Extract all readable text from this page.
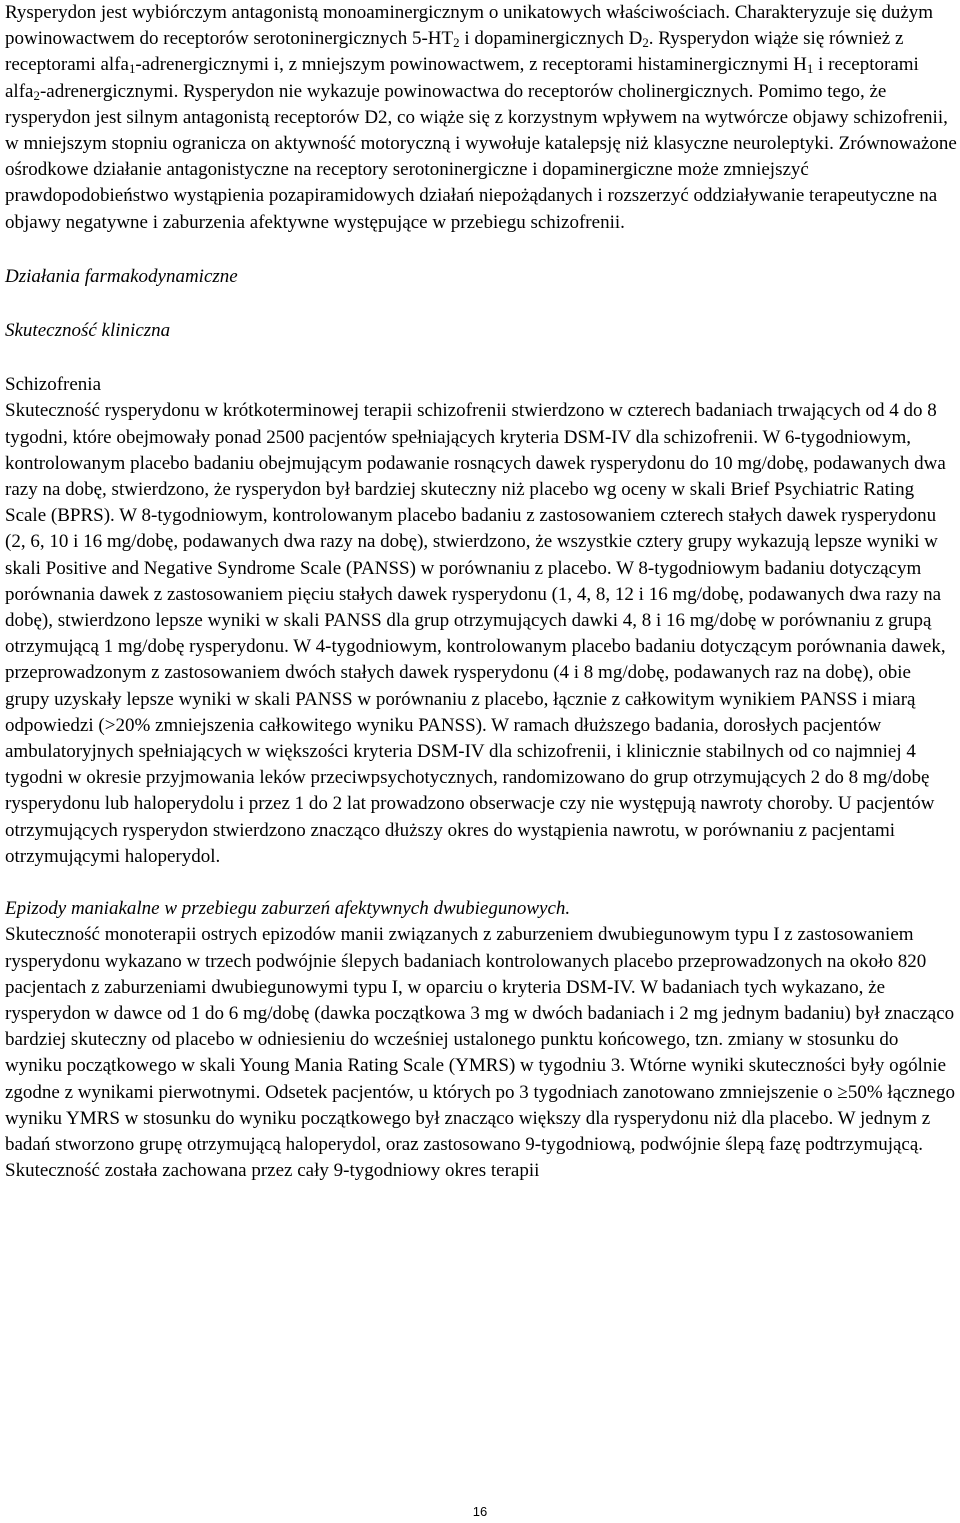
Rysperydon jest wybiórczym antagonistą monoaminergicznym o unikatowych właściwościach. Charakteryzuje się dużym powinowactwem do receptorów serotoninergicznych $5-HT_2$ i dopaminergicznych $D_2$. Rysperydon wiąże się również z receptorami alfa$_1$-adrenergicznymi i, z mniejszym powinowactwem, z receptorami histaminergicznymi $H_1$ i receptorami alfa$_2$-adrenergicznymi. Rysperydon nie wykazuje powinowactwa do receptorów cholinergicznych. Pomimo tego, że rysperydon jest silnym antagonistą receptorów D2, co wiąże się z korzystnym wpływem na wytwórcze objawy schizofrenii, w mniejszym stopniu ogranicza on aktywność motoryczną i wywołuje katalepsję niż klasyczne neuroleptyki. Zrównoważone ośrodkowe działanie antagonistyczne na receptory serotoninergiczne i dopaminergiczne może zmniejszyć prawdopodobieństwo wystąpienia pozapiramidowych działań niepożądanych i rozszerzyć oddziaływanie terapeutyczne na objawy negatywne i zaburzenia afektywne występujące w przebiegu schizofrenii.

Działania farmakodynamiczne

Skuteczność kliniczna

Schizofrenia

Skuteczność rysperydonu w krótkoterminowej terapii schizofrenii stwierdzono w czterech badaniach trwających od 4 do 8 tygodni, które obejmowały ponad 2500 pacjentów spełniających kryteria DSM-IV dla schizofrenii. W 6-tygodniowym, kontrolowanym placebo badaniu obejmującym podawanie rosnących dawek rysperydonu do 10 mg/dobę, podawanych dwa razy na dobę, stwierdzono, że rysperydon był bardziej skuteczny niż placebo wg oceny w skali Brief Psychiatric Rating Scale (BPRS). W 8-tygodniowym, kontrolowanym placebo badaniu z zastosowaniem czterech stałych dawek rysperydonu (2, 6, 10 i 16 mg/dobę, podawanych dwa razy na dobę), stwierdzono, że wszystkie cztery grupy wykazują lepsze wyniki w skali Positive and Negative Syndrome Scale (PANSS) w porównaniu z placebo. W 8-tygodniowym badaniu dotyczącym porównania dawek z zastosowaniem pięciu stałych dawek rysperydonu (1, 4, 8, 12 i 16 mg/dobę, podawanych dwa razy na dobę), stwierdzono lepsze wyniki w skali PANSS dla grup otrzymujących dawki 4, 8 i 16 mg/dobę w porównaniu z grupą otrzymującą 1 mg/dobę rysperydonu. W 4-tygodniowym, kontrolowanym placebo badaniu dotyczącym porównania dawek, przeprowadzonym z zastosowaniem dwóch stałych dawek rysperydonu (4 i 8 mg/dobę, podawanych raz na dobę), obie grupy uzyskały lepsze wyniki w skali PANSS w porównaniu z placebo, łącznie z całkowitym wynikiem PANSS i miarą odpowiedzi (>20% zmniejszenia całkowitego wyniku PANSS). W ramach dłuższego badania, dorosłych pacjentów ambulatoryjnych spełniających w większości kryteria DSM-IV dla schizofrenii, i klinicznie stabilnych od co najmniej 4 tygodni w okresie przyjmowania leków przeciwpsychotycznych, randomizowano do grup otrzymujących 2 do 8 mg/dobę rysperydonu lub haloperydolu i przez 1 do 2 lat prowadzono obserwacje czy nie występują nawroty choroby. U pacjentów otrzymujących rysperydon stwierdzono znacząco dłuższy okres do wystąpienia nawrotu, w porównaniu z pacjentami otrzymującymi haloperydol.

Epizody maniakalne w przebiegu zaburzeń afektywnych dwubiegunowych.

Skuteczność monoterapii ostrych epizodów manii związanych z zaburzeniem dwubiegunowym typu I z zastosowaniem rysperydonu wykazano w trzech podwójnie ślepych badaniach kontrolowanych placebo przeprowadzonych na około 820 pacjentach z zaburzeniami dwubiegunowymi typu I, w oparciu o kryteria DSM-IV. W badaniach tych wykazano, że rysperydon w dawce od 1 do 6 mg/dobę (dawka początkowa 3 mg w dwóch badaniach i 2 mg jednym badaniu) był znacząco bardziej skuteczny od placebo w odniesieniu do wcześniej ustalonego punktu końcowego, tzn. zmiany w stosunku do wyniku początkowego w skali Young Mania Rating Scale (YMRS) w tygodniu 3. Wtórne wyniki skuteczności były ogólnie zgodne z wynikami pierwotnymi. Odsetek pacjentów, u których po 3 tygodniach zanotowano zmniejszenie o ≥50% łącznego wyniku YMRS w stosunku do wyniku początkowego był znacząco większy dla rysperydonu niż dla placebo. W jednym z badań stworzono grupę otrzymującą haloperydol, oraz zastosowano 9-tygodniową, podwójnie ślepą fazę podtrzymującą. Skuteczność została zachowana przez cały 9-tygodniowy okres terapii

16
